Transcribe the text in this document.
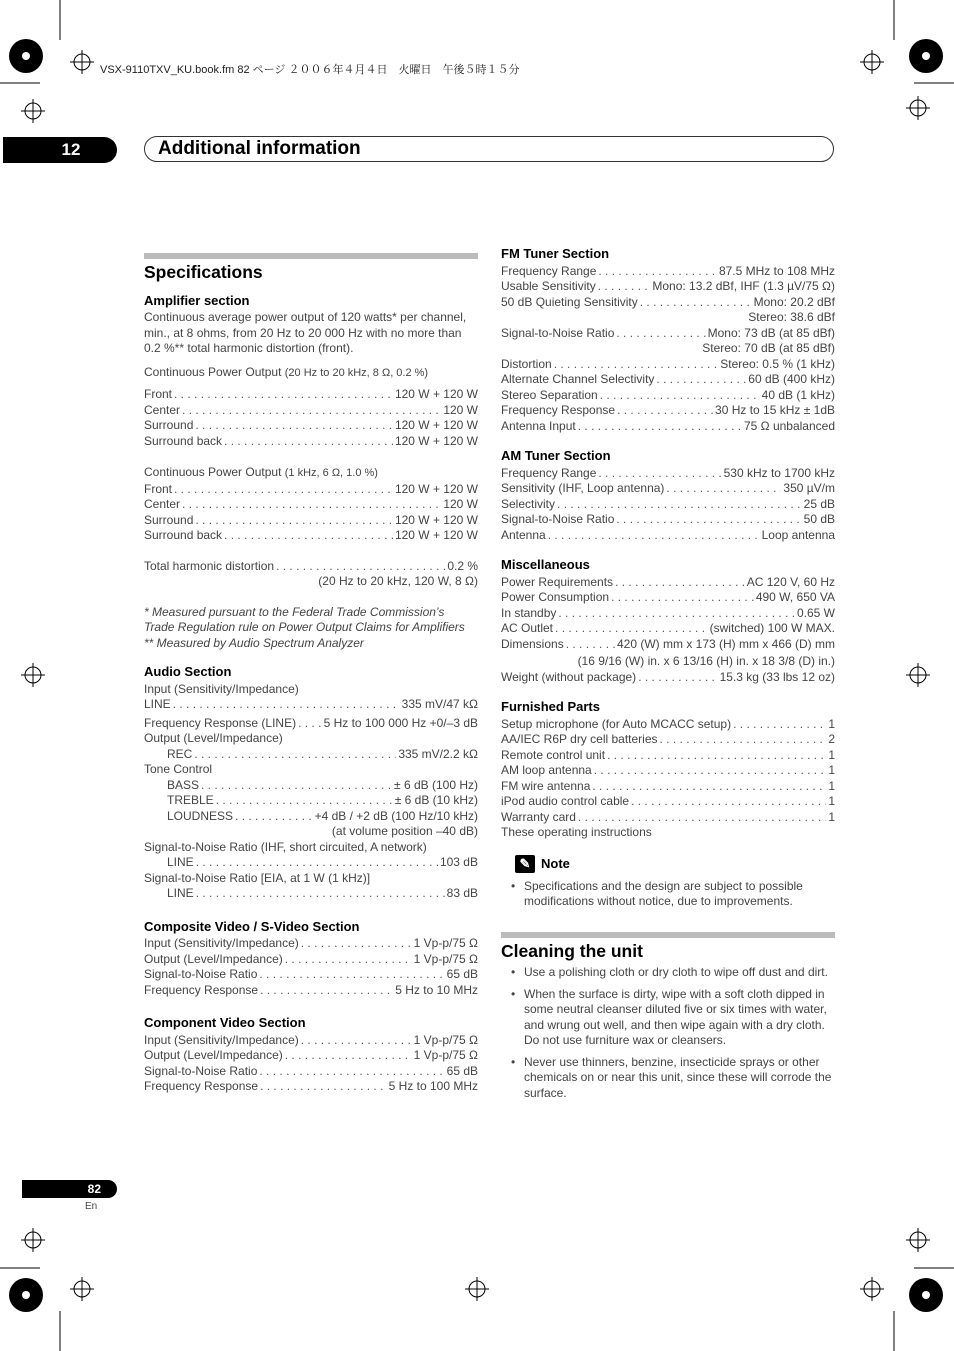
VSX-9110TXV_KU.book.fm 82 ページ ２００６年４月４日　火曜日　午後５時１５分
12	Additional information
Specifications
Amplifier section

Continuous average power output of 120 watts* per channel, min., at 8 ohms, from 20 Hz to 20 000 Hz with no more than 0.2 %** total harmonic distortion (front).

Continuous Power Output (20 Hz to 20 kHz, 8 Ω, 0.2 %)
Front . . .	120 W + 120 W
Center . . .	120 W
Surround . . .	120 W + 120 W
Surround back . . .	120 W + 120 W
Continuous Power Output (1 kHz, 6 Ω, 1.0 %)
Front . . .	120 W + 120 W
Center . . .	120 W
Surround . . .	120 W + 120 W
Surround back . . .	120 W + 120 W
Total harmonic distortion . . .	0.2 %
(20 Hz to 20 kHz, 120 W, 8 Ω)
* Measured pursuant to the Federal Trade Commission’s Trade Regulation rule on Power Output Claims for Amplifiers
** Measured by Audio Spectrum Analyzer
Audio Section
Input (Sensitivity/Impedance)
LINE . . .	335 mV/47 kΩ
Frequency Response (LINE) . . . 5 Hz to 100 000 Hz +0/–3 dB
Output (Level/Impedance)
REC . . .	335 mV/2.2 kΩ
Tone Control
BASS . . .	± 6 dB (100 Hz)
TREBLE . . .	± 6 dB (10 kHz)
LOUDNESS . . .	+4 dB / +2 dB (100 Hz/10 kHz)
(at volume position –40 dB)
Signal-to-Noise Ratio (IHF, short circuited, A network)
LINE . . .	103 dB
Signal-to-Noise Ratio [EIA, at 1 W (1 kHz)]
LINE . . .	83 dB
Composite Video / S-Video Section
Input (Sensitivity/Impedance) . . .	1 Vp-p/75 Ω
Output (Level/Impedance) . . .	1 Vp-p/75 Ω
Signal-to-Noise Ratio . . .	65 dB
Frequency Response . . .	5 Hz to 10 MHz
Component Video Section
Input (Sensitivity/Impedance) . . .	1 Vp-p/75 Ω
Output (Level/Impedance) . . .	1 Vp-p/75 Ω
Signal-to-Noise Ratio . . .	65 dB
Frequency Response . . .	5 Hz to 100 MHz
FM Tuner Section
Frequency Range . . .	87.5 MHz to 108 MHz
Usable Sensitivity . . .	Mono: 13.2 dBf, IHF (1.3 µV/75 Ω)
50 dB Quieting Sensitivity . . .	Mono: 20.2 dBf
Stereo: 38.6 dBf
Signal-to-Noise Ratio . . .	Mono: 73 dB (at 85 dBf)
Stereo: 70 dB (at 85 dBf)
Distortion . . .	Stereo: 0.5 % (1 kHz)
Alternate Channel Selectivity . . .	60 dB (400 kHz)
Stereo Separation . . .	40 dB (1 kHz)
Frequency Response . . .	30 Hz to 15 kHz ± 1dB
Antenna Input . . .	75 Ω unbalanced
AM Tuner Section
Frequency Range . . .	530 kHz to 1700 kHz
Sensitivity (IHF, Loop antenna) . . .	350 µV/m
Selectivity . . .	25 dB
Signal-to-Noise Ratio . . .	50 dB
Antenna . . .	Loop antenna
Miscellaneous
Power Requirements . . .	AC 120 V, 60 Hz
Power Consumption . . .	490 W, 650 VA
In standby . . .	0.65 W
AC Outlet . . .	(switched) 100 W MAX.
Dimensions . . .	420 (W) mm x 173 (H) mm x 466 (D) mm
(16 9/16 (W) in. x 6 13/16 (H) in. x 18 3/8 (D) in.)
Weight (without package) . . .	15.3 kg (33 lbs 12 oz)
Furnished Parts
Setup microphone (for Auto MCACC setup) . . .	1
AA/IEC R6P dry cell batteries . . .	2
Remote control unit . . .	1
AM loop antenna . . .	1
FM wire antenna . . .	1
iPod audio control cable . . .	1
Warranty card . . .	1
These operating instructions
✎ Note
• Specifications and the design are subject to possible modifications without notice, due to improvements.
Cleaning the unit
• Use a polishing cloth or dry cloth to wipe off dust and dirt.
• When the surface is dirty, wipe with a soft cloth dipped in some neutral cleanser diluted five or six times with water, and wrung out well, and then wipe again with a dry cloth. Do not use furniture wax or cleansers.
• Never use thinners, benzine, insecticide sprays or other chemicals on or near this unit, since these will corrode the surface.
82
En
